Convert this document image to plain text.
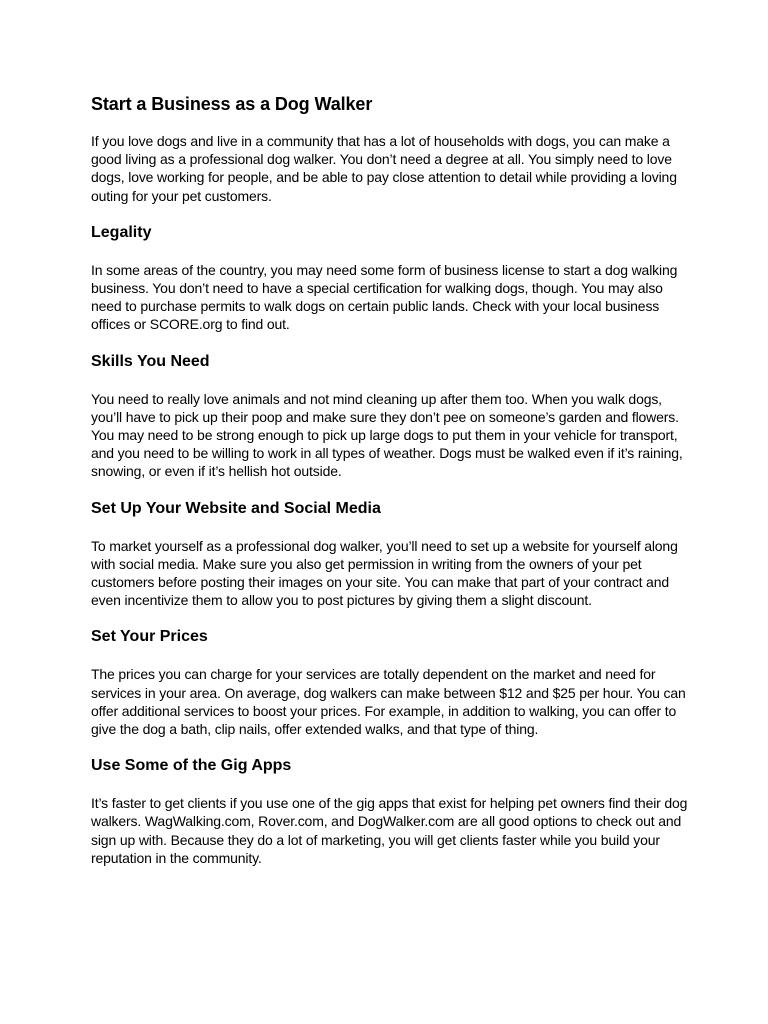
Start a Business as a Dog Walker

If you love dogs and live in a community that has a lot of households with dogs, you can make a good living as a professional dog walker. You don’t need a degree at all. You simply need to love dogs, love working for people, and be able to pay close attention to detail while providing a loving outing for your pet customers.

Legality

In some areas of the country, you may need some form of business license to start a dog walking business. You don’t need to have a special certification for walking dogs, though. You may also need to purchase permits to walk dogs on certain public lands. Check with your local business offices or SCORE.org to find out.

Skills You Need

You need to really love animals and not mind cleaning up after them too. When you walk dogs, you’ll have to pick up their poop and make sure they don’t pee on someone’s garden and flowers. You may need to be strong enough to pick up large dogs to put them in your vehicle for transport, and you need to be willing to work in all types of weather. Dogs must be walked even if it’s raining, snowing, or even if it’s hellish hot outside.

Set Up Your Website and Social Media

To market yourself as a professional dog walker, you’ll need to set up a website for yourself along with social media. Make sure you also get permission in writing from the owners of your pet customers before posting their images on your site. You can make that part of your contract and even incentivize them to allow you to post pictures by giving them a slight discount.

Set Your Prices

The prices you can charge for your services are totally dependent on the market and need for services in your area. On average, dog walkers can make between $12 and $25 per hour. You can offer additional services to boost your prices. For example, in addition to walking, you can offer to give the dog a bath, clip nails, offer extended walks, and that type of thing.

Use Some of the Gig Apps

It’s faster to get clients if you use one of the gig apps that exist for helping pet owners find their dog walkers. WagWalking.com, Rover.com, and DogWalker.com are all good options to check out and sign up with. Because they do a lot of marketing, you will get clients faster while you build your reputation in the community.
